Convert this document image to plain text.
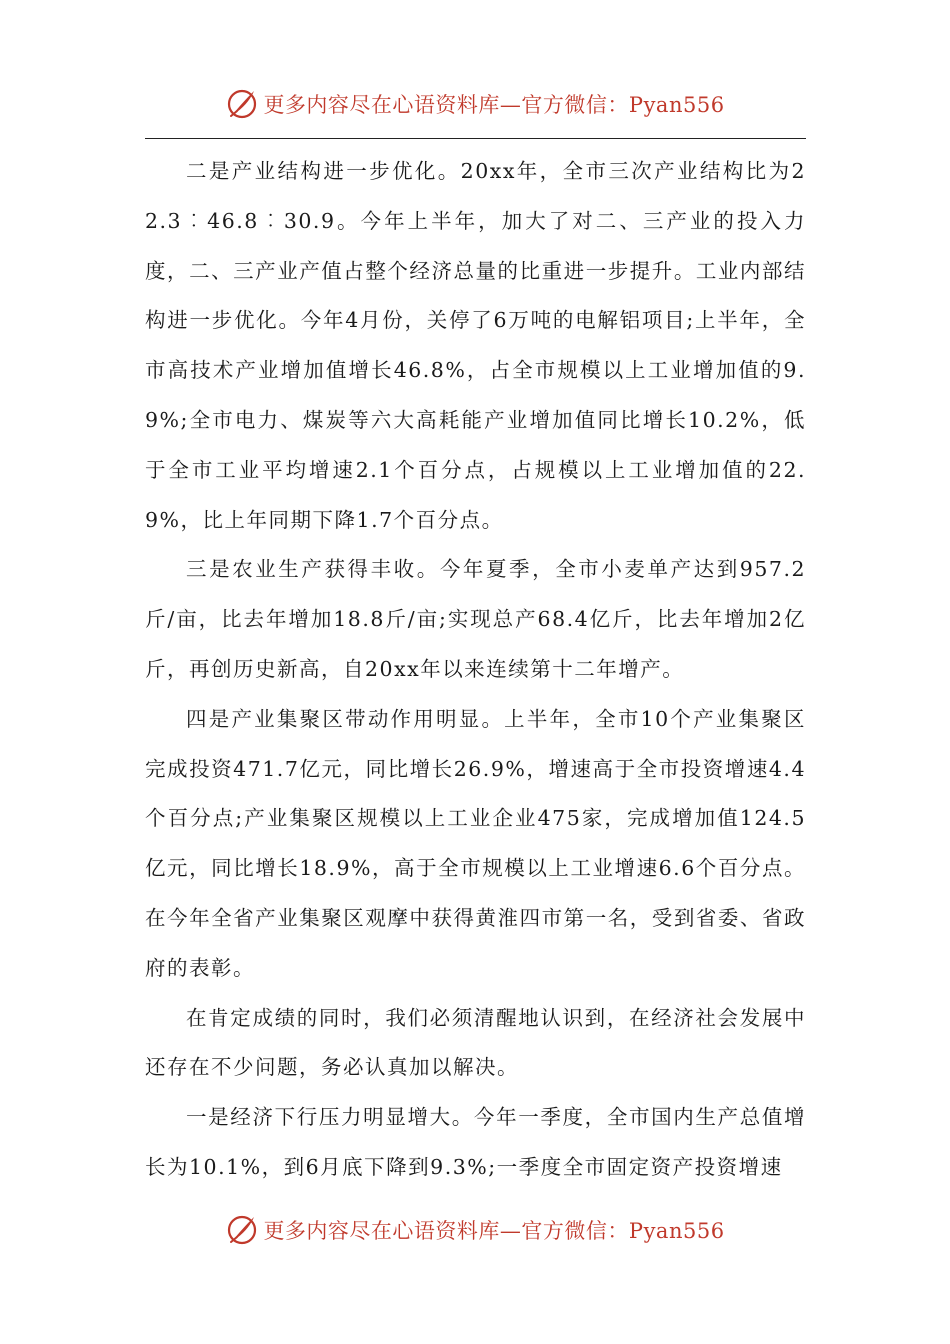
更多内容尽在心语资料库—官方微信：Pyan556

二是产业结构进一步优化。20xx年，全市三次产业结构比为22.3︰46.8︰30.9。今年上半年，加大了对二、三产业的投入力度，二、三产业产值占整个经济总量的比重进一步提升。工业内部结构进一步优化。今年4月份，关停了6万吨的电解铝项目;上半年，全市高技术产业增加值增长46.8%，占全市规模以上工业增加值的9.9%;全市电力、煤炭等六大高耗能产业增加值同比增长10.2%，低于全市工业平均增速2.1个百分点，占规模以上工业增加值的22.9%，比上年同期下降1.7个百分点。

三是农业生产获得丰收。今年夏季，全市小麦单产达到957.2斤/亩，比去年增加18.8斤/亩;实现总产68.4亿斤，比去年增加2亿斤，再创历史新高，自20xx年以来连续第十二年增产。

四是产业集聚区带动作用明显。上半年，全市10个产业集聚区完成投资471.7亿元，同比增长26.9%，增速高于全市投资增速4.4个百分点;产业集聚区规模以上工业企业475家，完成增加值124.5亿元，同比增长18.9%，高于全市规模以上工业增速6.6个百分点。在今年全省产业集聚区观摩中获得黄淮四市第一名，受到省委、省政府的表彰。

在肯定成绩的同时，我们必须清醒地认识到，在经济社会发展中还存在不少问题，务必认真加以解决。

一是经济下行压力明显增大。今年一季度，全市国内生产总值增长为10.1%，到6月底下降到9.3%;一季度全市固定资产投资增速

更多内容尽在心语资料库—官方微信：Pyan556
